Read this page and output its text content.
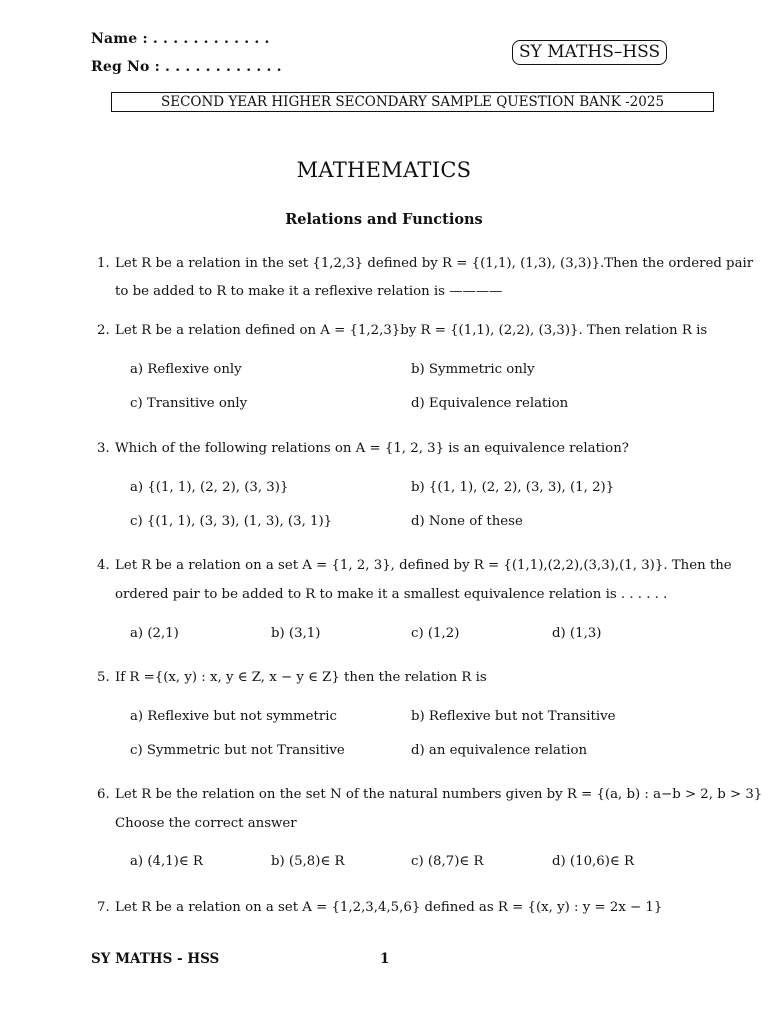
Name : . . . . . . . . . . . .
Reg No : . . . . . . . . . . . .
SY MATHS–HSS
SECOND YEAR HIGHER SECONDARY SAMPLE QUESTION BANK -2025
MATHEMATICS
Relations and Functions
1. Let R be a relation in the set {1,2,3} defined by R = {(1,1), (1,3), (3,3)}.Then the ordered pair
to be added to R to make it a reflexive relation is ————
2. Let R be a relation defined on A = {1,2,3}by R = {(1,1), (2,2), (3,3)}. Then relation R is
a) Reflexive only	b) Symmetric only
c) Transitive only	d) Equivalence relation
3. Which of the following relations on A = {1, 2, 3} is an equivalence relation?
a) {(1, 1), (2, 2), (3, 3)}	b) {(1, 1), (2, 2), (3, 3), (1, 2)}
c) {(1, 1), (3, 3), (1, 3), (3, 1)}	d) None of these
4. Let R be a relation on a set A = {1, 2, 3}, defined by R = {(1,1),(2,2),(3,3),(1, 3)}. Then the
ordered pair to be added to R to make it a smallest equivalence relation is . . . . . .
a) (2,1)	b) (3,1)	c) (1,2)	d) (1,3)
5. If R ={(x, y) : x, y ∈ Z, x − y ∈ Z} then the relation R is
a) Reflexive but not symmetric	b) Reflexive but not Transitive
c) Symmetric but not Transitive	d) an equivalence relation
6. Let R be the relation on the set N of the natural numbers given by R = {(a, b) : a−b > 2, b > 3}
Choose the correct answer
a) (4,1)∈ R	b) (5,8)∈ R	c) (8,7)∈ R	d) (10,6)∈ R
7. Let R be a relation on a set A = {1,2,3,4,5,6} defined as R = {(x, y) : y = 2x − 1}
SY MATHS - HSS	1
